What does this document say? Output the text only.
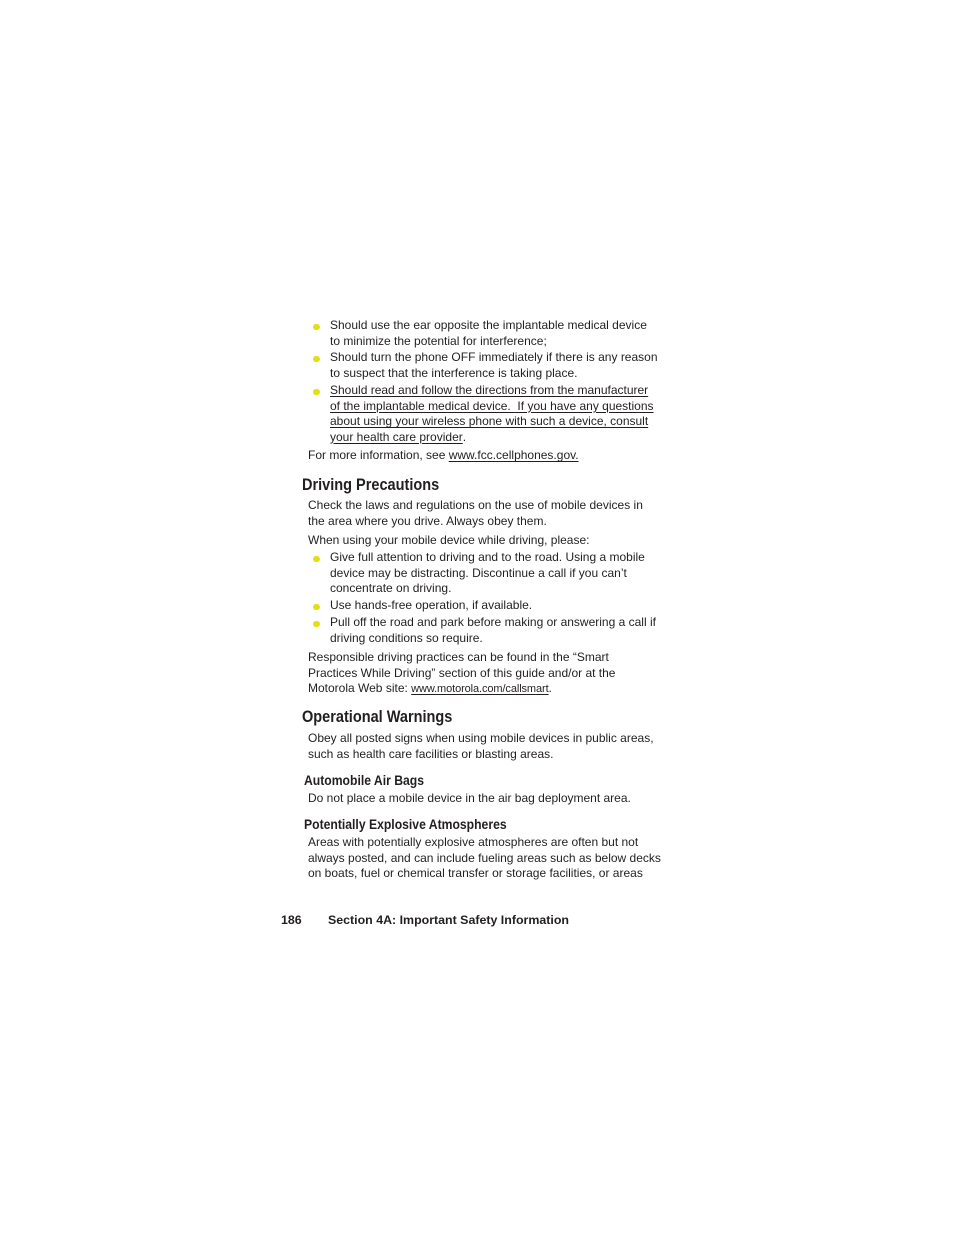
Should use the ear opposite the implantable medical device
to minimize the potential for interference;
Should turn the phone OFF immediately if there is any reason
to suspect that the interference is taking place.
Should read and follow the directions from the manufacturer
of the implantable medical device.  If you have any questions
about using your wireless phone with such a device, consult
your health care provider .
For more information, see www.fcc.cellphones.gov.
Driving Precautions
Check the laws and regulations on the use of mobile devices in
the area where you drive. Always obey them.
When using your mobile device while driving, please:
Give full attention to driving and to the road. Using a mobile
device may be distracting. Discontinue a call if you can’t
concentrate on driving.
Use hands-free operation, if available.
Pull off the road and park before making or answering a call if
driving conditions so require.
Responsible driving practices can be found in the “Smart
Practices While Driving” section of this guide and/or at the
Motorola Web site: www.motorola.com/callsmart .
Operational Warnings
Obey all posted signs when using mobile devices in public areas,
such as health care facilities or blasting areas.
Automobile Air Bags
Do not place a mobile device in the air bag deployment area.
Potentially Explosive Atmospheres
Areas with potentially explosive atmospheres are often but not
always posted, and can include fueling areas such as below decks
on boats, fuel or chemical transfer or storage facilities, or areas
186 Section 4A: Important Safety Information
